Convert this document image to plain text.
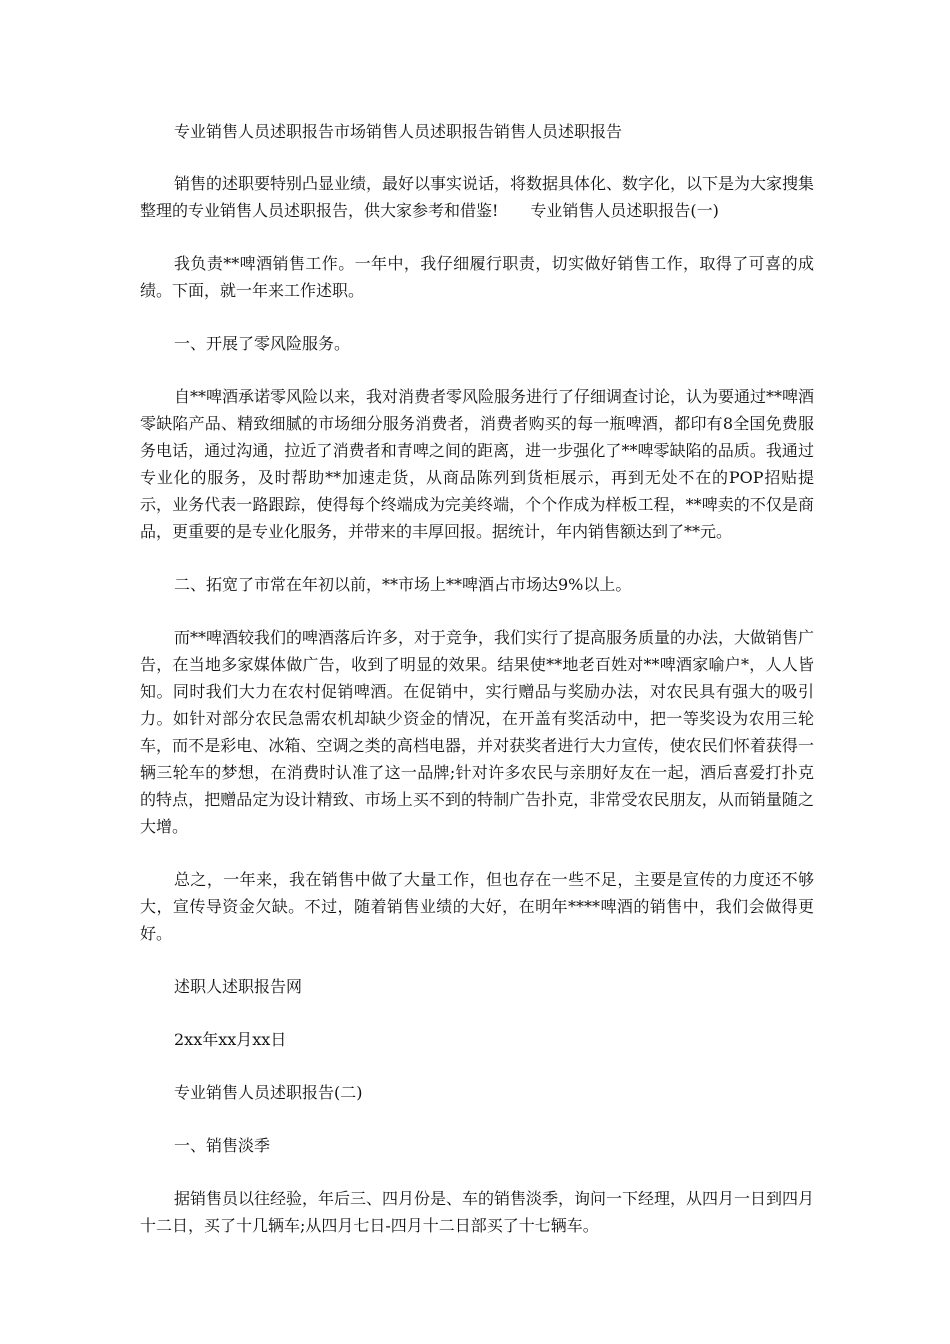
专业销售人员述职报告市场销售人员述职报告销售人员述职报告

销售的述职要特别凸显业绩，最好以事实说话，将数据具体化、数字化，以下是为大家搜集整理的专业销售人员述职报告，供大家参考和借鉴!　　专业销售人员述职报告(一)

我负责**啤酒销售工作。一年中，我仔细履行职责，切实做好销售工作，取得了可喜的成绩。下面，就一年来工作述职。

一、开展了零风险服务。

自**啤酒承诺零风险以来，我对消费者零风险服务进行了仔细调查讨论，认为要通过**啤酒零缺陷产品、精致细腻的市场细分服务消费者，消费者购买的每一瓶啤酒，都印有8全国免费服务电话，通过沟通，拉近了消费者和青啤之间的距离，进一步强化了**啤零缺陷的品质。我通过专业化的服务，及时帮助**加速走货，从商品陈列到货柜展示，再到无处不在的POP招贴提示，业务代表一路跟踪，使得每个终端成为完美终端，个个作成为样板工程，**啤卖的不仅是商品，更重要的是专业化服务，并带来的丰厚回报。据统计，年内销售额达到了**元。

二、拓宽了市常在年初以前，**市场上**啤酒占市场达9%以上。

而**啤酒较我们的啤酒落后许多，对于竞争，我们实行了提高服务质量的办法，大做销售广告，在当地多家媒体做广告，收到了明显的效果。结果使**地老百姓对**啤酒家喻户*，人人皆知。同时我们大力在农村促销啤酒。在促销中，实行赠品与奖励办法，对农民具有强大的吸引力。如针对部分农民急需农机却缺少资金的情况，在开盖有奖活动中，把一等奖设为农用三轮车，而不是彩电、冰箱、空调之类的高档电器，并对获奖者进行大力宣传，使农民们怀着获得一辆三轮车的梦想，在消费时认准了这一品牌;针对许多农民与亲朋好友在一起，酒后喜爱打扑克的特点，把赠品定为设计精致、市场上买不到的特制广告扑克，非常受农民朋友，从而销量随之大增。

总之，一年来，我在销售中做了大量工作，但也存在一些不足，主要是宣传的力度还不够大，宣传导资金欠缺。不过，随着销售业绩的大好，在明年****啤酒的销售中，我们会做得更好。

述职人述职报告网

2xx年xx月xx日

专业销售人员述职报告(二)

一、销售淡季

据销售员以往经验，年后三、四月份是、车的销售淡季，询问一下经理，从四月一日到四月十二日，买了十几辆车;从四月七日-四月十二日部买了十七辆车。
